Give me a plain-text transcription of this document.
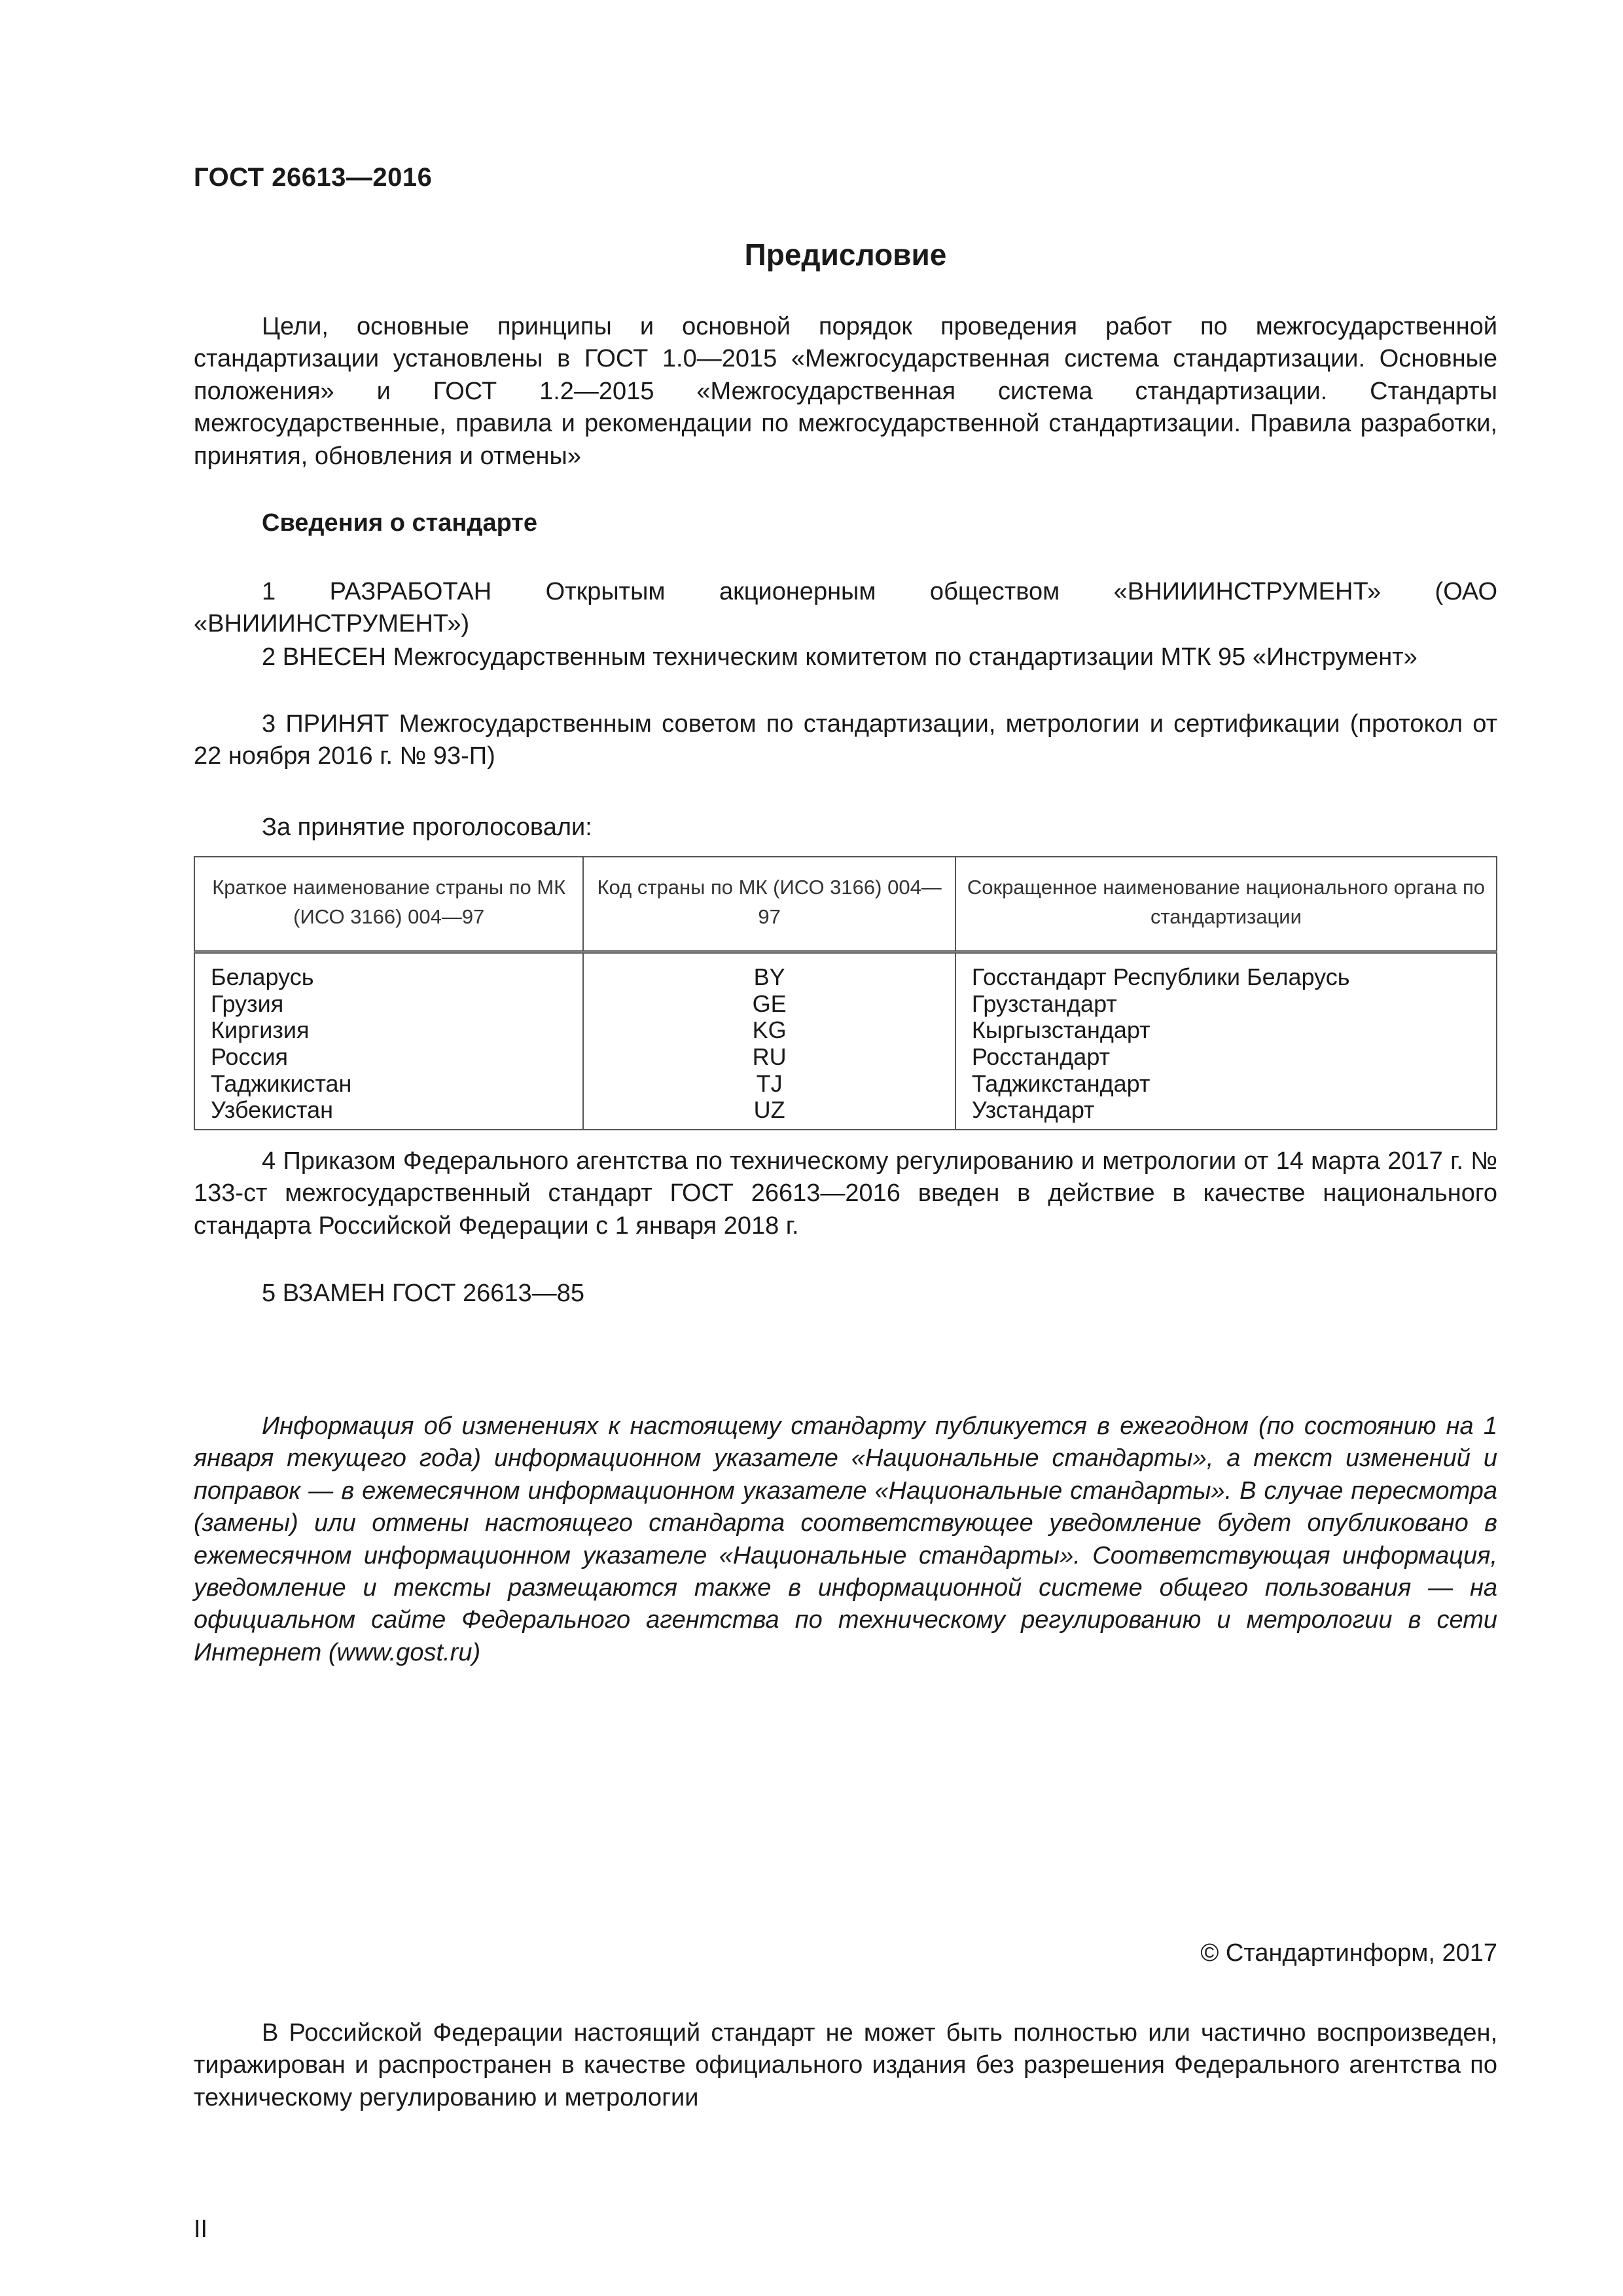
ГОСТ 26613—2016
Предисловие

Цели, основные принципы и основной порядок проведения работ по межгосударственной стандартизации установлены в ГОСТ 1.0—2015 «Межгосударственная система стандартизации. Основные положения» и ГОСТ 1.2—2015 «Межгосударственная система стандартизации. Стандарты межгосударственные, правила и рекомендации по межгосударственной стандартизации. Правила разработки, принятия, обновления и отмены»

Сведения о стандарте

1 РАЗРАБОТАН Открытым акционерным обществом «ВНИИИНСТРУМЕНТ» (ОАО «ВНИИИНСТРУМЕНТ»)

2 ВНЕСЕН Межгосударственным техническим комитетом по стандартизации МТК 95 «Инструмент»

3 ПРИНЯТ Межгосударственным советом по стандартизации, метрологии и сертификации (протокол от 22 ноября 2016 г. № 93-П)

За принятие проголосовали:

Краткое наименование страны по МК (ИСО 3166) 004—97	Код страны по МК (ИСО 3166) 004—97	Сокращенное наименование национального органа по стандартизации
Беларусь	BY	Госстандарт Республики Беларусь
Грузия	GE	Грузстандарт
Киргизия	KG	Кыргызстандарт
Россия	RU	Росстандарт
Таджикистан	TJ	Таджикстандарт
Узбекистан	UZ	Узстандарт

4 Приказом Федерального агентства по техническому регулированию и метрологии от 14 марта 2017 г. № 133-ст межгосударственный стандарт ГОСТ 26613—2016 введен в действие в качестве национального стандарта Российской Федерации с 1 января 2018 г.

5 ВЗАМЕН ГОСТ 26613—85

Информация об изменениях к настоящему стандарту публикуется в ежегодном (по состоянию на 1 января текущего года) информационном указателе «Национальные стандарты», а текст изменений и поправок — в ежемесячном информационном указателе «Национальные стандарты». В случае пересмотра (замены) или отмены настоящего стандарта соответствующее уведомление будет опубликовано в ежемесячном информационном указателе «Национальные стандарты». Соответствующая информация, уведомление и тексты размещаются также в информационной системе общего пользования — на официальном сайте Федерального агентства по техническому регулированию и метрологии в сети Интернет (www.gost.ru)

© Стандартинформ, 2017

В Российской Федерации настоящий стандарт не может быть полностью или частично воспроизведен, тиражирован и распространен в качестве официального издания без разрешения Федерального агентства по техническому регулированию и метрологии

II
